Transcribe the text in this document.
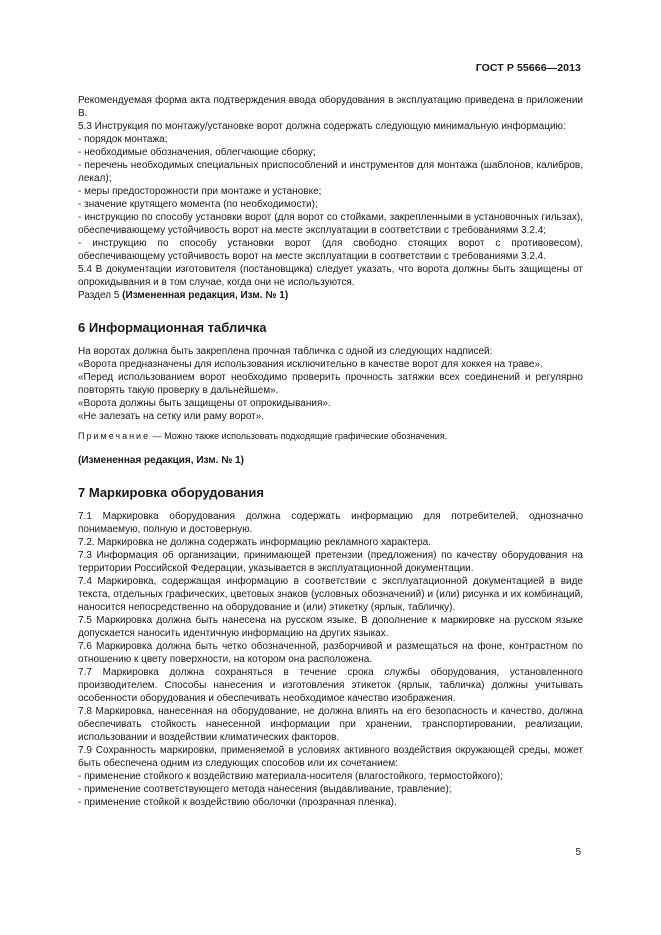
ГОСТ Р 55666—2013

Рекомендуемая форма акта подтверждения ввода оборудования в эксплуатацию приведена в приложении В.

5.3 Инструкция по монтажу/установке ворот должна содержать следующую минимальную информацию:

- порядок монтажа;

- необходимые обозначения, облегчающие сборку;

- перечень необходимых специальных приспособлений и инструментов для монтажа (шаблонов, калибров, лекал);

- меры предосторожности при монтаже и установке;

- значение крутящего момента (по необходимости);

- инструкцию по способу установки ворот (для ворот со стойками, закрепленными в установочных гильзах), обеспечивающему устойчивость ворот на месте эксплуатации в соответствии с требованиями 3.2.4;

- инструкцию по способу установки ворот (для свободно стоящих ворот с противовесом), обеспечивающему устойчивость ворот на месте эксплуатации в соответствии с требованиями 3.2.4.

5.4 В документации изготовителя (постановщика) следует указать, что ворота должны быть защищены от опрокидывания и в том случае, когда они не используются.

Раздел 5 (Измененная редакция, Изм. № 1)

6 Информационная табличка

На воротах должна быть закреплена прочная табличка с одной из следующих надписей:

«Ворота предназначены для использования исключительно в качестве ворот для хоккея на траве».

«Перед использованием ворот необходимо проверить прочность затяжки всех соединений и регулярно повторять такую проверку в дальнейшем».

«Ворота должны быть защищены от опрокидывания».

«Не залезать на сетку или раму ворот».

Примечание — Можно также использовать подходящие графические обозначения.

(Измененная редакция, Изм. № 1)

7 Маркировка оборудования

7.1 Маркировка оборудования должна содержать информацию для потребителей, однозначно понимаемую, полную и достоверную.

7.2. Маркировка не должна содержать информацию рекламного характера.

7.3 Информация об организации, принимающей претензии (предложения) по качеству оборудования на территории Российской Федерации, указывается в эксплуатационной документации.

7.4 Маркировка, содержащая информацию в соответствии с эксплуатационной документацией в виде текста, отдельных графических, цветовых знаков (условных обозначений) и (или) рисунка и их комбинаций, наносится непосредственно на оборудование и (или) этикетку (ярлык, табличку).

7.5 Маркировка должна быть нанесена на русском языке. В дополнение к маркировке на русском языке допускается наносить идентичную информацию на других языках.

7.6 Маркировка должна быть четко обозначенной, разборчивой и размещаться на фоне, контрастном по отношению к цвету поверхности, на котором она расположена.

7.7 Маркировка должна сохраняться в течение срока службы оборудования, установленного производителем. Способы нанесения и изготовления этикеток (ярлык, табличка) должны учитывать особенности оборудования и обеспечивать необходимое качество изображения.

7.8 Маркировка, нанесенная на оборудование, не должна влиять на его безопасность и качество, должна обеспечивать стойкость нанесенной информации при хранении, транспортировании, реализации, использовании и воздействии климатических факторов.

7.9 Сохранность маркировки, применяемой в условиях активного воздействия окружающей среды, может быть обеспечена одним из следующих способов или их сочетанием:

- применение стойкого к воздействию материала-носителя (влагостойкого, термостойкого);

- применение соответствующего метода нанесения (выдавливание, травление);

- применение стойкой к воздействию оболочки (прозрачная пленка).

5
